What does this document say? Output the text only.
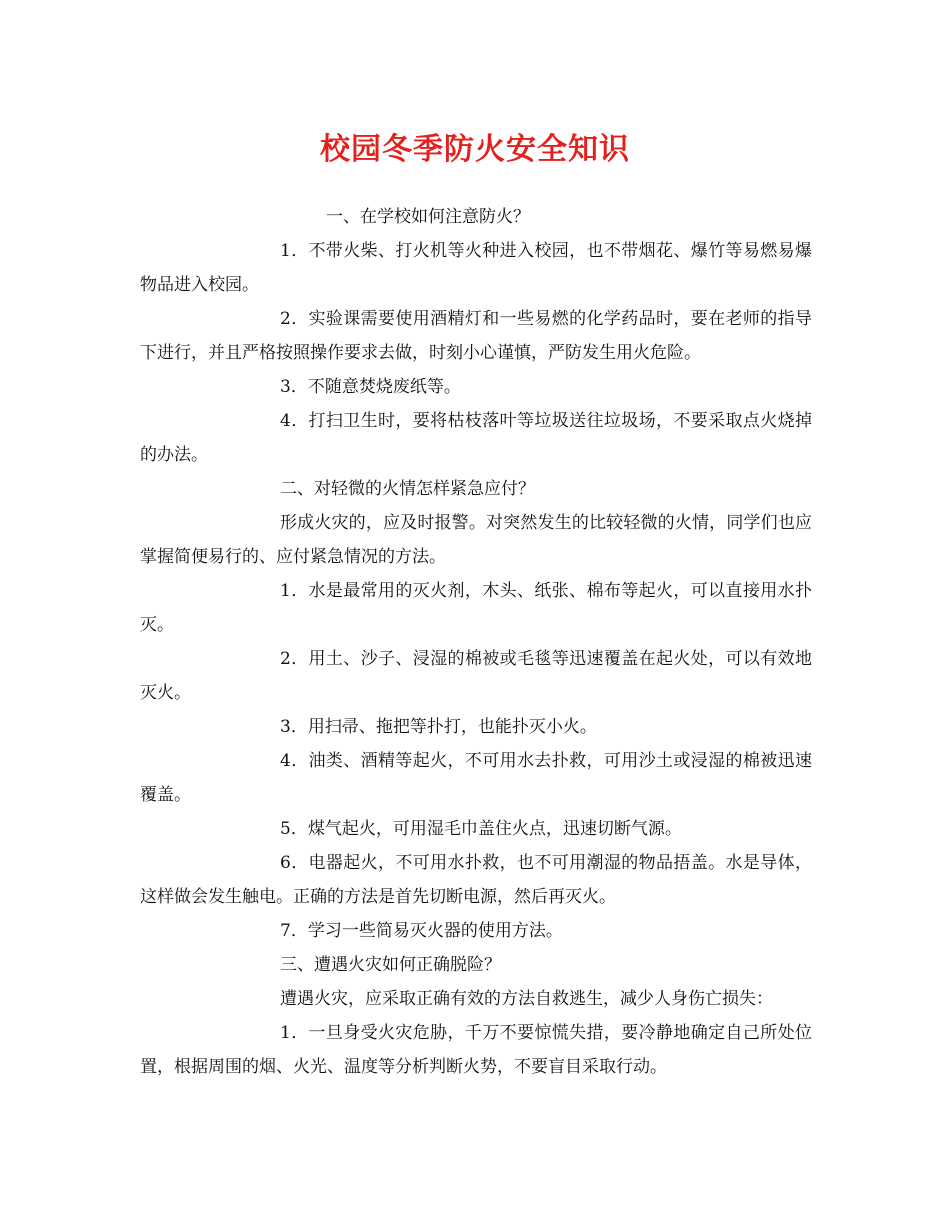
校园冬季防火安全知识

一、在学校如何注意防火？

1．不带火柴、打火机等火种进入校园，也不带烟花、爆竹等易燃易爆物品进入校园。

2．实验课需要使用酒精灯和一些易燃的化学药品时，要在老师的指导下进行，并且严格按照操作要求去做，时刻小心谨慎，严防发生用火危险。

3．不随意焚烧废纸等。

4．打扫卫生时，要将枯枝落叶等垃圾送往垃圾场，不要采取点火烧掉的办法。

二、对轻微的火情怎样紧急应付？

形成火灾的，应及时报警。对突然发生的比较轻微的火情，同学们也应掌握简便易行的、应付紧急情况的方法。

1．水是最常用的灭火剂，木头、纸张、棉布等起火，可以直接用水扑灭。

2．用土、沙子、浸湿的棉被或毛毯等迅速覆盖在起火处，可以有效地灭火。

3．用扫帚、拖把等扑打，也能扑灭小火。

4．油类、酒精等起火，不可用水去扑救，可用沙土或浸湿的棉被迅速覆盖。

5．煤气起火，可用湿毛巾盖住火点，迅速切断气源。

6．电器起火，不可用水扑救，也不可用潮湿的物品捂盖。水是导体，这样做会发生触电。正确的方法是首先切断电源，然后再灭火。

7．学习一些简易灭火器的使用方法。

三、遭遇火灾如何正确脱险？

遭遇火灾，应采取正确有效的方法自救逃生，减少人身伤亡损失：

1．一旦身受火灾危胁，千万不要惊慌失措，要冷静地确定自己所处位置，根据周围的烟、火光、温度等分析判断火势，不要盲目采取行动。
